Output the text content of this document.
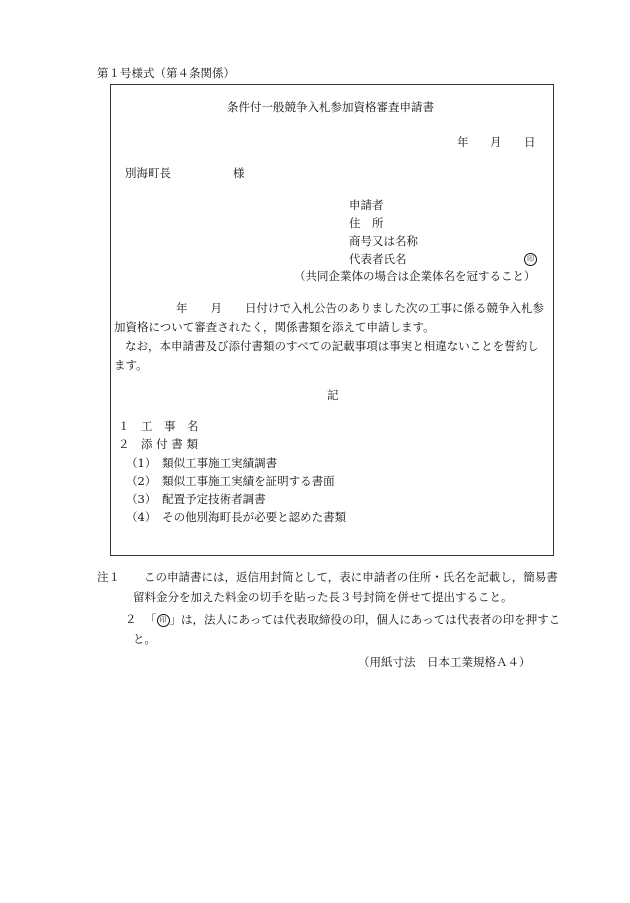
第１号様式（第４条関係）
条件付一般競争入札参加資格審査申請書
年 月 日
別海町長	様
申請者
住　所
商号又は名称
代表者氏名	印
（共同企業体の場合は企業体名を冠すること）
年　　月　　日付けで入札公告のありました次の工事に係る競争入札参
加資格について審査されたく，関係書類を添えて申請します。
なお，本申請書及び添付書類のすべての記載事項は事実と相違ないことを誓約し
ます。
記
１　工　事　名
２　添 付 書 類
（1）　類似工事施工実績調書
（2）　類似工事施工実績を証明する書面
（3）　配置予定技術者調書
（4）　その他別海町長が必要と認めた書類
注１ この申請書には，返信用封筒として，表に申請者の住所・氏名を記載し，簡易書
留料金分を加えた料金の切手を貼った長３号封筒を併せて提出すること。
２ 「 印 」は，法人にあっては代表取締役の印，個人にあっては代表者の印を押すこ
と。
（用紙寸法　日本工業規格Ａ４）
